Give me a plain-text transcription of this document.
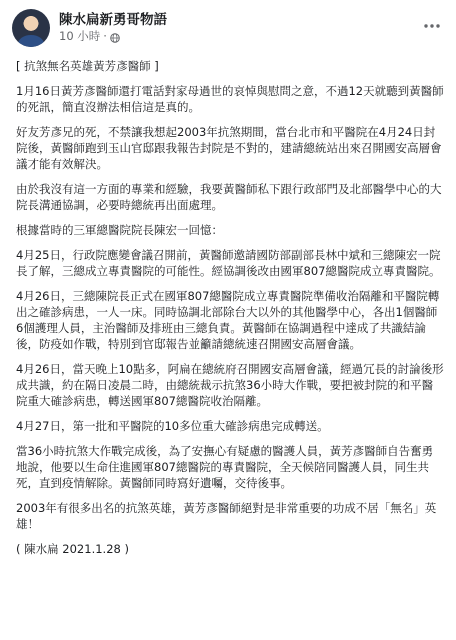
陳水扁新勇哥物語
10 小時 ·

[ 抗煞無名英雄黃芳彥醫師 ]

1月16日黃芳彥醫師還打電話對家母過世的哀悼與慰問之意，不過12天就聽到黃醫師的死訊，簡直沒辦法相信這是真的。

好友芳彥兄的死，不禁讓我想起2003年抗煞期間，當台北市和平醫院在4月24日封院後，黃醫師跑到玉山官邸跟我報告封院是不對的，建請總統站出來召開國安高層會議才能有效解決。

由於我沒有這一方面的專業和經驗，我要黃醫師私下跟行政部門及北部醫學中心的大院長溝通協調，必要時總統再出面處理。

根據當時的三軍總醫院院長陳宏一回憶：

4月25日，行政院應變會議召開前，黃醫師邀請國防部副部長林中斌和三總陳宏一院長了解，三總成立專責醫院的可能性。經協調後改由國軍807總醫院成立專責醫院。

4月26日，三總陳院長正式在國軍807總醫院成立專責醫院準備收治隔離和平醫院轉出之確診病患，一人一床。同時協調北部除台大以外的其他醫學中心，各出1個醫師6個護理人員，主治醫師及排班由三總負責。黃醫師在協調過程中達成了共識結論後，防疫如作戰，特別到官邸報告並籲請總統速召開國安高層會議。

4月26日，當天晚上10點多，阿扁在總統府召開國安高層會議，經過冗長的討論後形成共識，約在隔日凌晨二時，由總統裁示抗煞36小時大作戰，要把被封院的和平醫院重大確診病患，轉送國軍807總醫院收治隔離。

4月27日，第一批和平醫院的10多位重大確診病患完成轉送。

當36小時抗煞大作戰完成後，為了安撫心有疑慮的醫護人員，黃芳彥醫師自告奮勇地說，他要以生命住進國軍807總醫院的專責醫院，全天候陪同醫護人員，同生共死，直到疫情解除。黃醫師同時寫好遺囑，交待後事。

2003年有很多出名的抗煞英雄，黃芳彥醫師絕對是非常重要的功成不居「無名」英雄！

( 陳水扁 2021.1.28 )
